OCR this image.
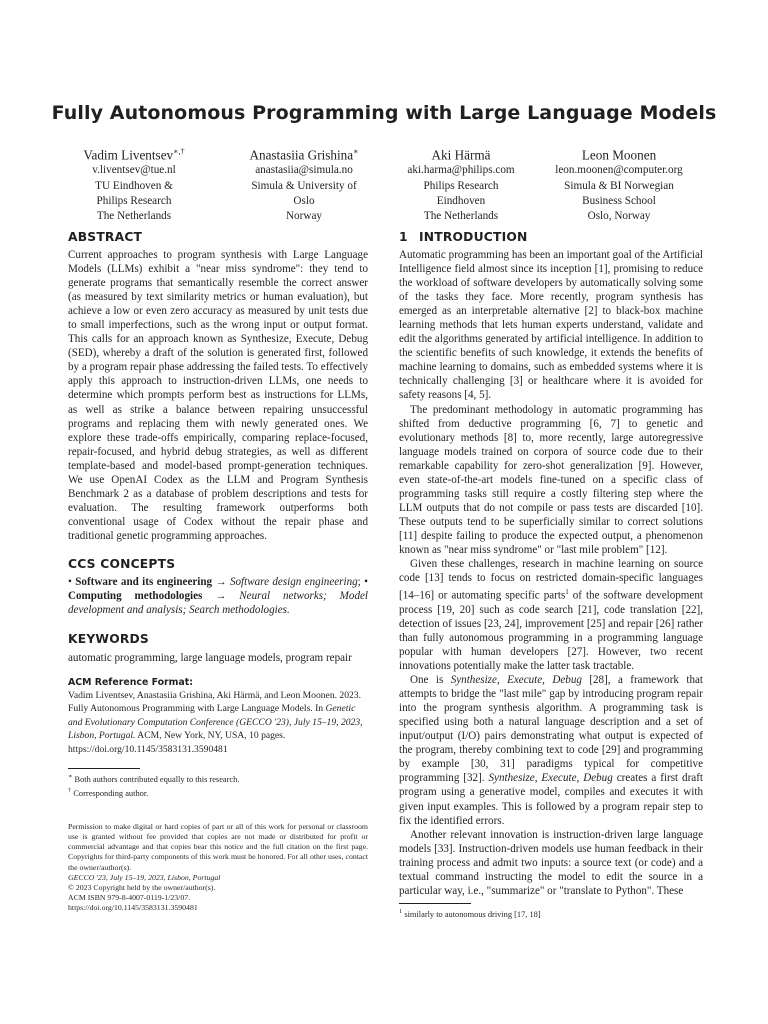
Fully Autonomous Programming with Large Language Models
Vadim Liventsev∗,†
v.liventsev@tue.nl
TU Eindhoven &
Philips Research
The Netherlands
Anastasiia Grishina∗
anastasiia@simula.no
Simula & University of
Oslo
Norway
Aki Härmä
aki.harma@philips.com
Philips Research
Eindhoven
The Netherlands
Leon Moonen
leon.moonen@computer.org
Simula & BI Norwegian
Business School
Oslo, Norway
ABSTRACT

Current approaches to program synthesis with Large Language Models (LLMs) exhibit a "near miss syndrome": they tend to generate programs that semantically resemble the correct answer (as measured by text similarity metrics or human evaluation), but achieve a low or even zero accuracy as measured by unit tests due to small imperfections, such as the wrong input or output format. This calls for an approach known as Synthesize, Execute, Debug (SED), whereby a draft of the solution is generated first, followed by a program repair phase addressing the failed tests. To effectively apply this approach to instruction-driven LLMs, one needs to determine which prompts perform best as instructions for LLMs, as well as strike a balance between repairing unsuccessful programs and replacing them with newly generated ones. We explore these trade-offs empirically, comparing replace-focused, repair-focused, and hybrid debug strategies, as well as different template-based and model-based prompt-generation techniques. We use OpenAI Codex as the LLM and Program Synthesis Benchmark 2 as a database of problem descriptions and tests for evaluation. The resulting framework outperforms both conventional usage of Codex without the repair phase and traditional genetic programming approaches.

CCS CONCEPTS

• Software and its engineering → Software design engineering; • Computing methodologies → Neural networks; Model development and analysis; Search methodologies.

KEYWORDS

automatic programming, large language models, program repair

ACM Reference Format:

Vadim Liventsev, Anastasiia Grishina, Aki Härmä, and Leon Moonen. 2023. Fully Autonomous Programming with Large Language Models. In Genetic and Evolutionary Computation Conference (GECCO '23), July 15–19, 2023, Lisbon, Portugal. ACM, New York, NY, USA, 10 pages. https://doi.org/10.1145/3583131.3590481

∗ Both authors contributed equally to this research.

† Corresponding author.

Permission to make digital or hard copies of part or all of this work for personal or classroom use is granted without fee provided that copies are not made or distributed for profit or commercial advantage and that copies bear this notice and the full citation on the first page. Copyrights for third-party components of this work must be honored. For all other uses, contact the owner/author(s).

GECCO '23, July 15–19, 2023, Lisbon, Portugal

© 2023 Copyright held by the owner/author(s).

ACM ISBN 979-8-4007-0119-1/23/07.

https://doi.org/10.1145/3583131.3590481

1 INTRODUCTION

Automatic programming has been an important goal of the Artificial Intelligence field almost since its inception [1], promising to reduce the workload of software developers by automatically solving some of the tasks they face. More recently, program synthesis has emerged as an interpretable alternative [2] to black-box machine learning methods that lets human experts understand, validate and edit the algorithms generated by artificial intelligence. In addition to the scientific benefits of such knowledge, it extends the benefits of machine learning to domains, such as embedded systems where it is technically challenging [3] or healthcare where it is avoided for safety reasons [4, 5].

The predominant methodology in automatic programming has shifted from deductive programming [6, 7] to genetic and evolutionary methods [8] to, more recently, large autoregressive language models trained on corpora of source code due to their remarkable capability for zero-shot generalization [9]. However, even state-of-the-art models fine-tuned on a specific class of programming tasks still require a costly filtering step where the LLM outputs that do not compile or pass tests are discarded [10]. These outputs tend to be superficially similar to correct solutions [11] despite failing to produce the expected output, a phenomenon known as "near miss syndrome" or "last mile problem" [12].

Given these challenges, research in machine learning on source code [13] tends to focus on restricted domain-specific languages [14–16] or automating specific parts$^1$ of the software development process [19, 20] such as code search [21], code translation [22], detection of issues [23, 24], improvement [25] and repair [26] rather than fully autonomous programming in a programming language popular with human developers [27]. However, two recent innovations potentially make the latter task tractable.

One is Synthesize, Execute, Debug [28], a framework that attempts to bridge the "last mile" gap by introducing program repair into the program synthesis algorithm. A programming task is specified using both a natural language description and a set of input/output (I/O) pairs demonstrating what output is expected of the program, thereby combining text to code [29] and programming by example [30, 31] paradigms typical for competitive programming [32]. Synthesize, Execute, Debug creates a first draft program using a generative model, compiles and executes it with given input examples. This is followed by a program repair step to fix the identified errors.

Another relevant innovation is instruction-driven large language models [33]. Instruction-driven models use human feedback in their training process and admit two inputs: a source text (or code) and a textual command instructing the model to edit the source in a particular way, i.e., "summarize" or "translate to Python". These

$^1$ similarly to autonomous driving [17, 18]
